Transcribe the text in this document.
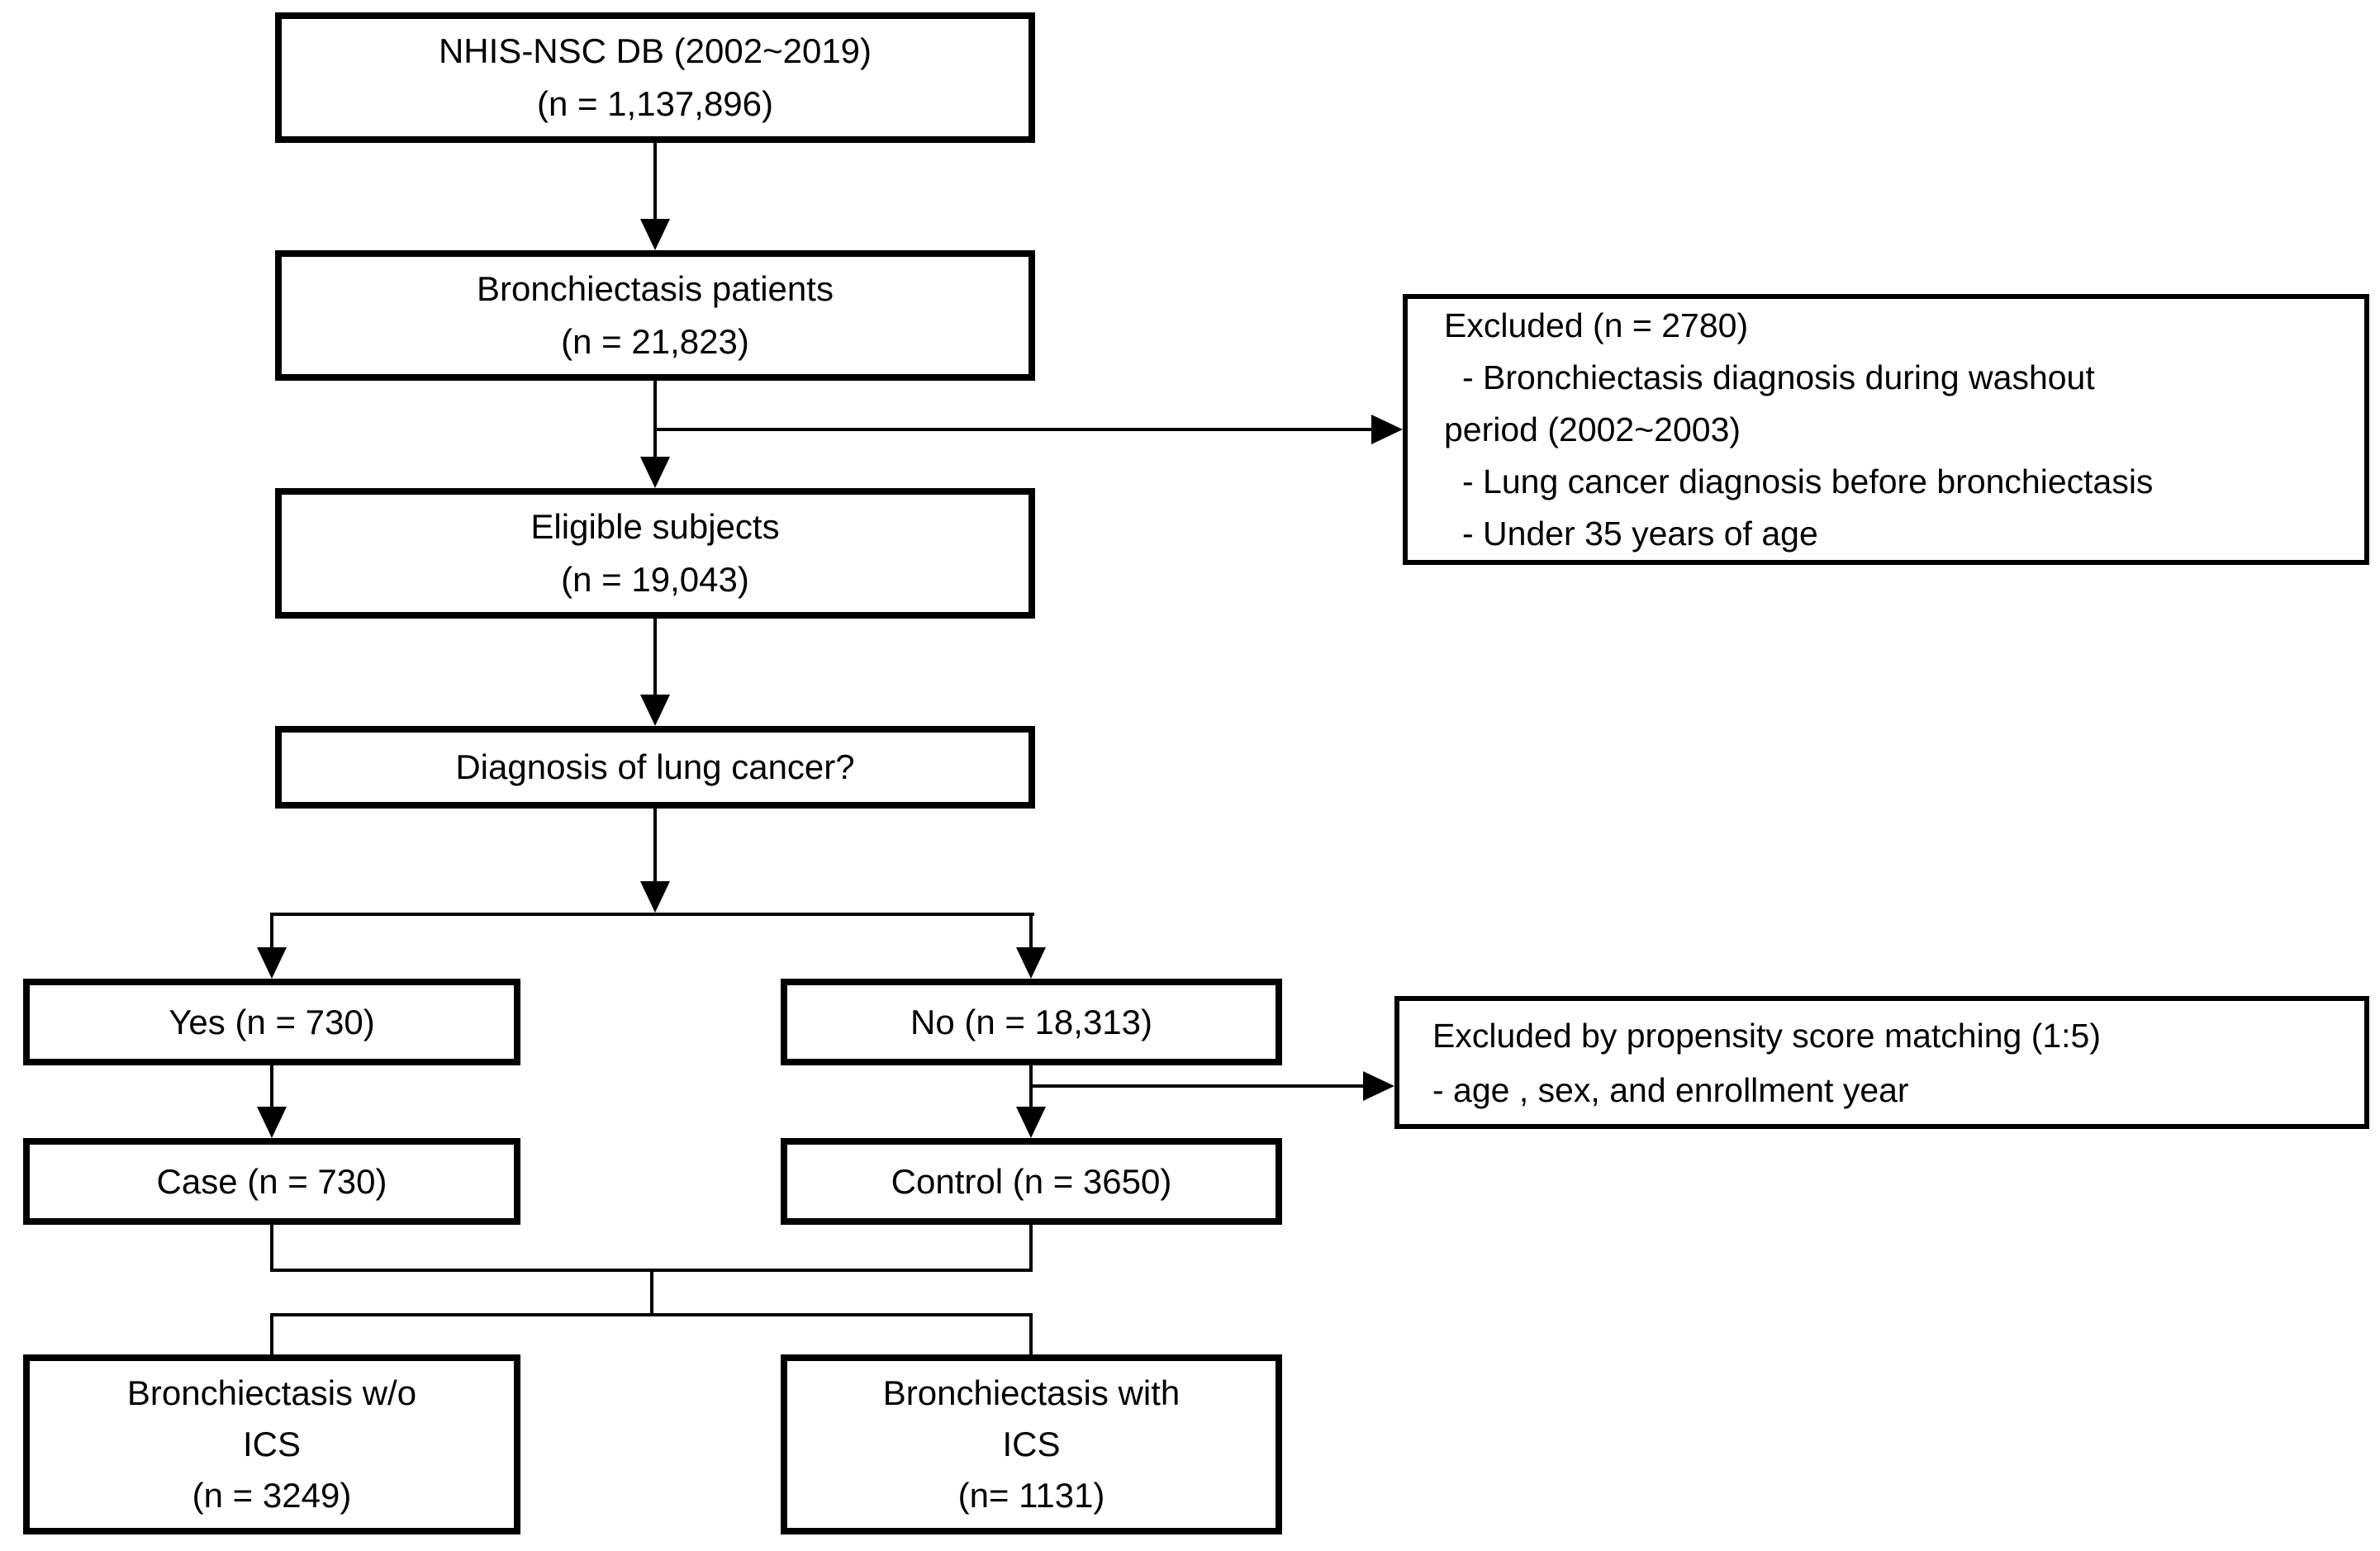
NHIS-NSC DB (2002~2019)
(n = 1,137,896)
Bronchiectasis patients
(n = 21,823)
Eligible subjects
(n = 19,043)
Diagnosis of lung cancer?
Yes (n = 730)	No (n = 18,313)
Case (n = 730)	Control (n = 3650)
Excluded (n = 2780)
- Bronchiectasis diagnosis during washout
period (2002~2003)
- Lung cancer diagnosis before bronchiectasis
- Under 35 years of age
Excluded by propensity score matching (1:5)
- age , sex, and enrollment year
Bronchiectasis w/o
ICS
(n = 3249)
Bronchiectasis with
ICS
(n= 1131)
